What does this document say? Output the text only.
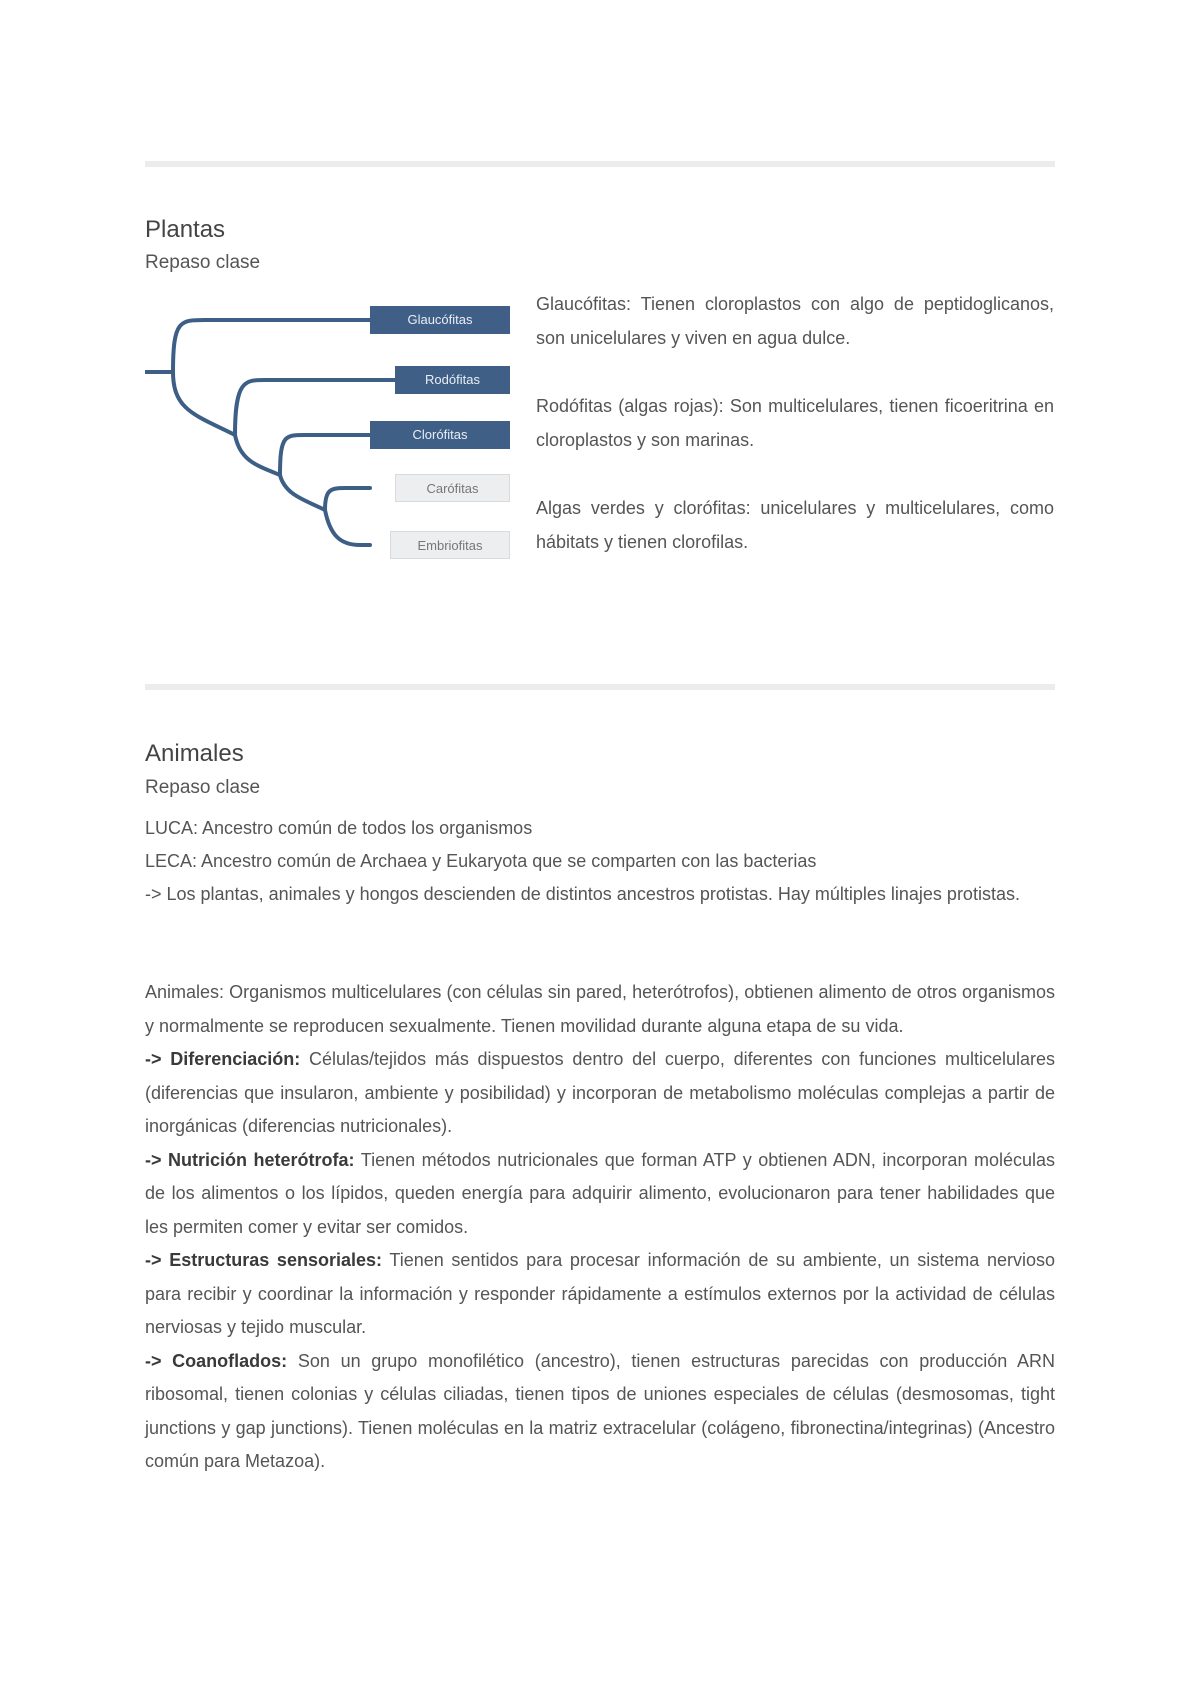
Plantas
Repaso clase
Glaucófitas
Rodófitas
Clorófitas
Carófitas
Embriofitas

Glaucófitas: Tienen cloroplastos con algo de peptidoglicanos, son unicelulares y viven en agua dulce.

Rodófitas (algas rojas): Son multicelulares, tienen ficoeritrina en cloroplastos y son marinas.

Algas verdes y clorófitas: unicelulares y multicelulares, como hábitats y tienen clorofilas.

Animales
Repaso clase
LUCA: Ancestro común de todos los organismos
LECA: Ancestro común de Archaea y Eukaryota que se comparten con las bacterias
-> Los plantas, animales y hongos descienden de distintos ancestros protistas. Hay múltiples linajes protistas.

Animales: Organismos multicelulares (con células sin pared, heterótrofos), obtienen alimento de otros organismos y normalmente se reproducen sexualmente. Tienen movilidad durante alguna etapa de su vida.

-> Diferenciación: Células/tejidos más dispuestos dentro del cuerpo, diferentes con funciones multicelulares (diferencias que insularon, ambiente y posibilidad) y incorporan de metabolismo moléculas complejas a partir de inorgánicas (diferencias nutricionales).

-> Nutrición heterótrofa: Tienen métodos nutricionales que forman ATP y obtienen ADN, incorporan moléculas de los alimentos o los lípidos, queden energía para adquirir alimento, evolucionaron para tener habilidades que les permiten comer y evitar ser comidos.

-> Estructuras sensoriales: Tienen sentidos para procesar información de su ambiente, un sistema nervioso para recibir y coordinar la información y responder rápidamente a estímulos externos por la actividad de células nerviosas y tejido muscular.

-> Coanoflados: Son un grupo monofilético (ancestro), tienen estructuras parecidas con producción ARN ribosomal, tienen colonias y células ciliadas, tienen tipos de uniones especiales de células (desmosomas, tight junctions y gap junctions). Tienen moléculas en la matriz extracelular (colágeno, fibronectina/integrinas) (Ancestro común para Metazoa).
